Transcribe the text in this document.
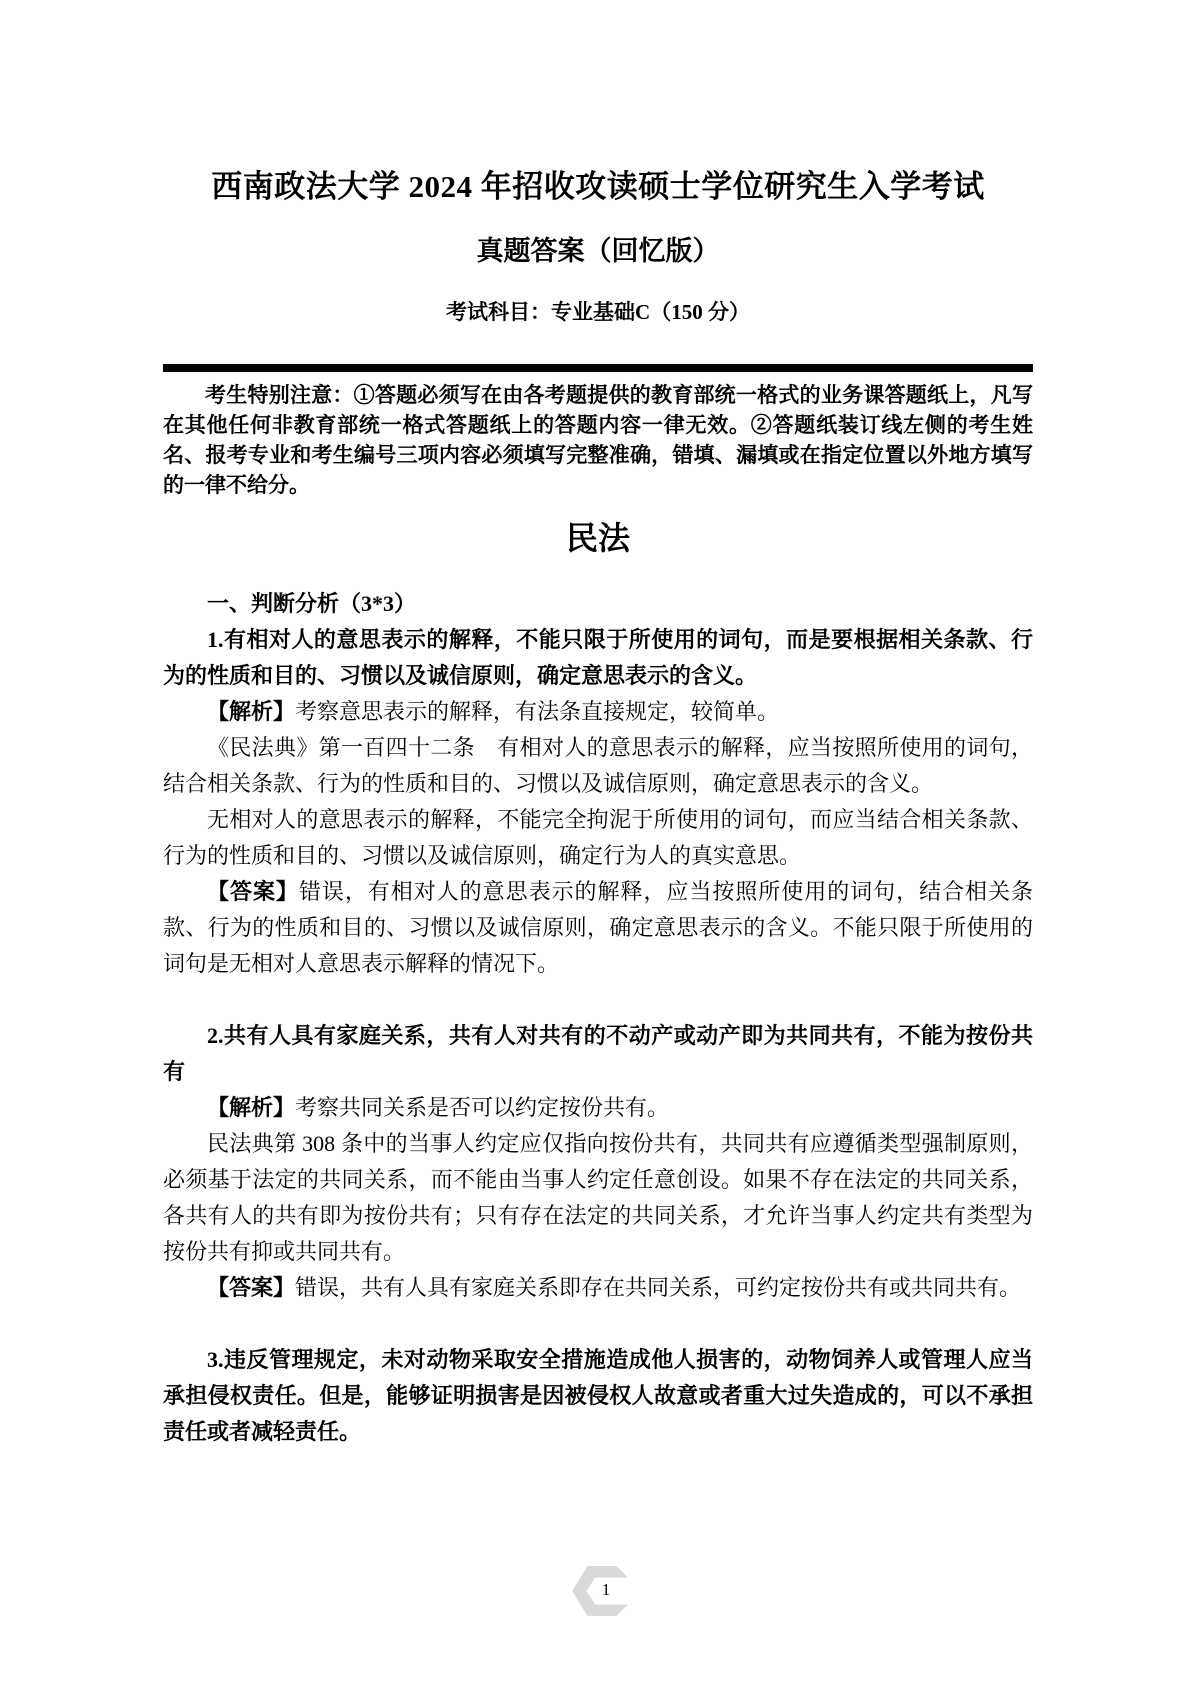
西南政法大学 2024 年招收攻读硕士学位研究生入学考试
真题答案（回忆版）
考试科目：专业基础C（150 分）

考生特别注意：①答题必须写在由各考题提供的教育部统一格式的业务课答题纸上，凡写在其他任何非教育部统一格式答题纸上的答题内容一律无效。②答题纸装订线左侧的考生姓名、报考专业和考生编号三项内容必须填写完整准确，错填、漏填或在指定位置以外地方填写的一律不给分。

民法

一、判断分析（3*3）

1.有相对人的意思表示的解释，不能只限于所使用的词句，而是要根据相关条款、行为的性质和目的、习惯以及诚信原则，确定意思表示的含义。

【解析】考察意思表示的解释，有法条直接规定，较简单。

《民法典》第一百四十二条　有相对人的意思表示的解释，应当按照所使用的词句，结合相关条款、行为的性质和目的、习惯以及诚信原则，确定意思表示的含义。

无相对人的意思表示的解释，不能完全拘泥于所使用的词句，而应当结合相关条款、行为的性质和目的、习惯以及诚信原则，确定行为人的真实意思。

【答案】错误，有相对人的意思表示的解释，应当按照所使用的词句，结合相关条款、行为的性质和目的、习惯以及诚信原则，确定意思表示的含义。不能只限于所使用的词句是无相对人意思表示解释的情况下。

2.共有人具有家庭关系，共有人对共有的不动产或动产即为共同共有，不能为按份共有

【解析】考察共同关系是否可以约定按份共有。

民法典第 308 条中的当事人约定应仅指向按份共有，共同共有应遵循类型强制原则，必须基于法定的共同关系，而不能由当事人约定任意创设。如果不存在法定的共同关系，各共有人的共有即为按份共有；只有存在法定的共同关系，才允许当事人约定共有类型为按份共有抑或共同共有。

【答案】错误，共有人具有家庭关系即存在共同关系，可约定按份共有或共同共有。

3.违反管理规定，未对动物采取安全措施造成他人损害的，动物饲养人或管理人应当承担侵权责任。但是，能够证明损害是因被侵权人故意或者重大过失造成的，可以不承担责任或者减轻责任。

1
